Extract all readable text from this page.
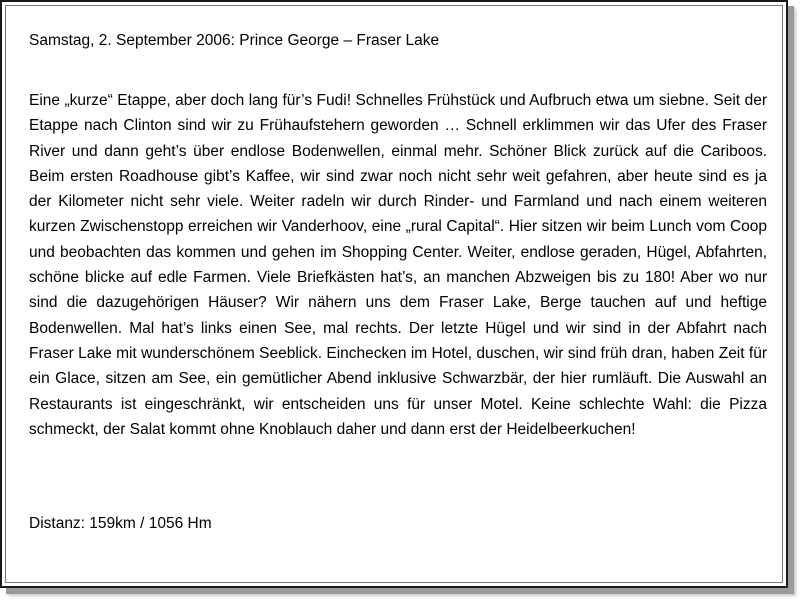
Samstag, 2. September 2006: Prince George – Fraser Lake
Eine „kurze“ Etappe, aber doch lang für’s Fudi! Schnelles Frühstück und Aufbruch etwa um siebne. Seit der Etappe nach Clinton sind wir zu Frühaufstehern geworden … Schnell erklimmen wir das Ufer des Fraser River und dann geht’s über endlose Bodenwellen, einmal mehr. Schöner Blick zurück auf die Cariboos. Beim ersten Roadhouse gibt’s Kaffee, wir sind zwar noch nicht sehr weit gefahren, aber heute sind es ja der Kilometer nicht sehr viele. Weiter radeln wir durch Rinder- und Farmland und nach einem weiteren kurzen Zwischenstopp erreichen wir Vanderhoov, eine „rural Capital“. Hier sitzen wir beim Lunch vom Coop und beobachten das kommen und gehen im Shopping Center. Weiter, endlose geraden, Hügel, Abfahrten, schöne blicke auf edle Farmen. Viele Briefkästen hat’s, an manchen Abzweigen bis zu 180! Aber wo nur sind die dazugehörigen Häuser? Wir nähern uns dem Fraser Lake, Berge tauchen auf und heftige Bodenwellen. Mal hat’s links einen See, mal rechts. Der letzte Hügel und wir sind in der Abfahrt nach Fraser Lake mit wunderschönem Seeblick. Einchecken im Hotel, duschen, wir sind früh dran, haben Zeit für ein Glace, sitzen am See, ein gemütlicher Abend inklusive Schwarzbär, der hier rumläuft. Die Auswahl an Restaurants ist eingeschränkt, wir entscheiden uns für unser Motel. Keine schlechte Wahl: die Pizza schmeckt, der Salat kommt ohne Knoblauch daher und dann erst der Heidelbeerkuchen!
Distanz: 159km / 1056 Hm
